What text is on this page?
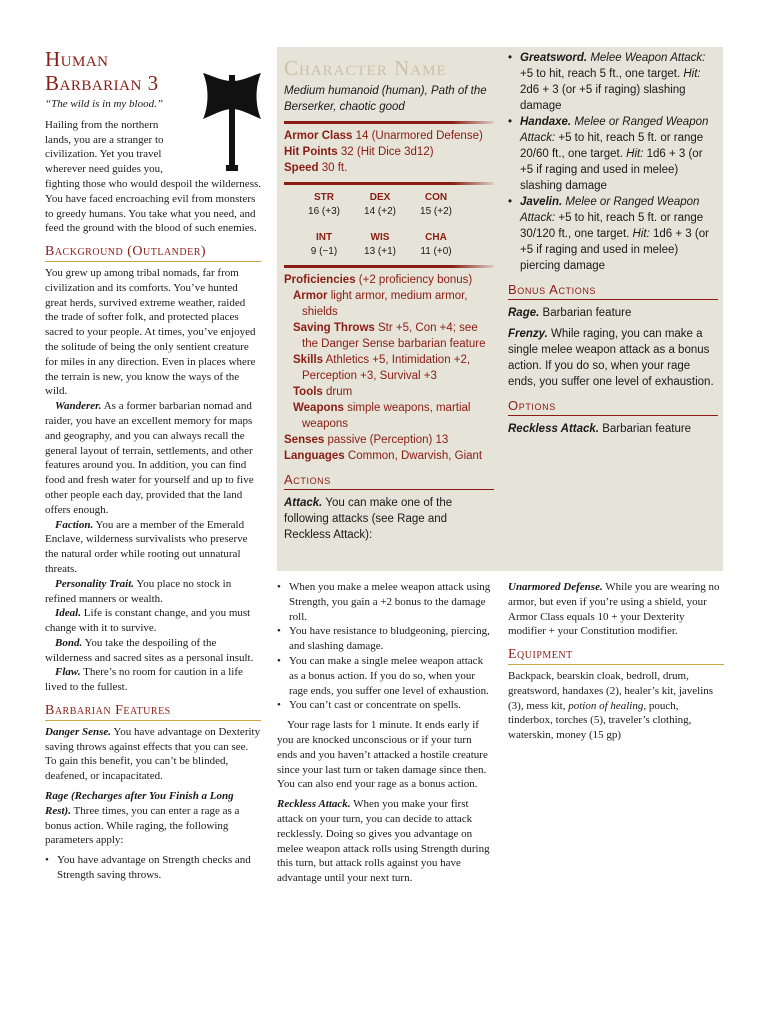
Human
Barbarian 3
“The wild is in my blood.”
Hailing from the northern
lands, you are a stranger to
civilization. Yet you travel
wherever need guides you,

fighting those who would despoil the wilderness. You have faced encroaching evil from monsters to greedy humans. You take what you need, and feed the ground with the blood of such enemies.

Background (Outlander)

You grew up among tribal nomads, far from civilization and its comforts. You’ve hunted great herds, survived extreme weather, raided the trade of softer folk, and protected places sacred to your people. At times, you’ve enjoyed the solitude of being the only sentient creature for miles in any direction. Even in places where the terrain is new, you know the ways of the wild.

Wanderer. As a former barbarian nomad and raider, you have an excellent memory for maps and geography, and you can always recall the general layout of terrain, settlements, and other features around you. In addition, you can find food and fresh water for yourself and up to five other people each day, provided that the land offers enough.

Faction. You are a member of the Emerald Enclave, wilderness survivalists who preserve the natural order while rooting out unnatural threats.

Personality Trait. You place no stock in refined manners or wealth.

Ideal. Life is constant change, and you must change with it to survive.

Bond. You take the despoiling of the wilderness and sacred sites as a personal insult.

Flaw. There’s no room for caution in a life lived to the fullest.

Barbarian Features

Danger Sense. You have advantage on Dexterity saving throws against effects that you can see. To gain this benefit, you can’t be blinded, deafened, or incapacitated.

Rage (Recharges after You Finish a Long Rest). Three times, you can enter a rage as a bonus action. While raging, the following parameters apply:

• You have advantage on Strength checks and Strength saving throws.
Character Name
Medium humanoid (human), Path of the Berserker, chaotic good
Armor Class 14 (Unarmored Defense)
Hit Points 32 (Hit Dice 3d12)
Speed 30 ft.
STR	DEX	CON
16 (+3)	14 (+2)	15 (+2)
INT	WIS	CHA
9 (−1)	13 (+1)	11 (+0)
Proficiencies (+2 proficiency bonus)
Armor light armor, medium armor, shields
Saving Throws Str +5, Con +4; see the Danger Sense barbarian feature
Skills Athletics +5, Intimidation +2, Perception +3, Survival +3
Tools drum
Weapons simple weapons, martial weapons
Senses passive (Perception) 13
Languages Common, Dwarvish, Giant
Actions

Attack. You can make one of the following attacks (see Rage and Reckless Attack):

• Greatsword. Melee Weapon Attack: +5 to hit, reach 5 ft., one target. Hit: 2d6 + 3 (or +5 if raging) slashing damage
• Handaxe. Melee or Ranged Weapon Attack: +5 to hit, reach 5 ft. or range 20/60 ft., one target. Hit: 1d6 + 3 (or +5 if raging and used in melee) slashing damage
• Javelin. Melee or Ranged Weapon Attack: +5 to hit, reach 5 ft. or range 30/120 ft., one target. Hit: 1d6 + 3 (or +5 if raging and used in melee) piercing damage
Bonus Actions

Rage. Barbarian feature

Frenzy. While raging, you can make a single melee weapon attack as a bonus action. If you do so, when your rage ends, you suffer one level of exhaustion.

Options

Reckless Attack. Barbarian feature

• When you make a melee weapon attack using Strength, you gain a +2 bonus to the damage roll.
• You have resistance to bludgeoning, piercing, and slashing damage.
• You can make a single melee weapon attack as a bonus action. If you do so, when your rage ends, you suffer one level of exhaustion.
• You can’t cast or concentrate on spells.

Your rage lasts for 1 minute. It ends early if you are knocked unconscious or if your turn ends and you haven’t attacked a hostile creature since your last turn or taken damage since then. You can also end your rage as a bonus action.

Reckless Attack. When you make your first attack on your turn, you can decide to attack recklessly. Doing so gives you advantage on melee weapon attack rolls using Strength during this turn, but attack rolls against you have advantage until your next turn.

Unarmored Defense. While you are wearing no armor, but even if you’re using a shield, your Armor Class equals 10 + your Dexterity modifier + your Constitution modifier.

Equipment

Backpack, bearskin cloak, bedroll, drum, greatsword, handaxes (2), healer’s kit, javelins (3), mess kit, potion of healing, pouch, tinderbox, torches (5), traveler’s clothing, waterskin, money (15 gp)
